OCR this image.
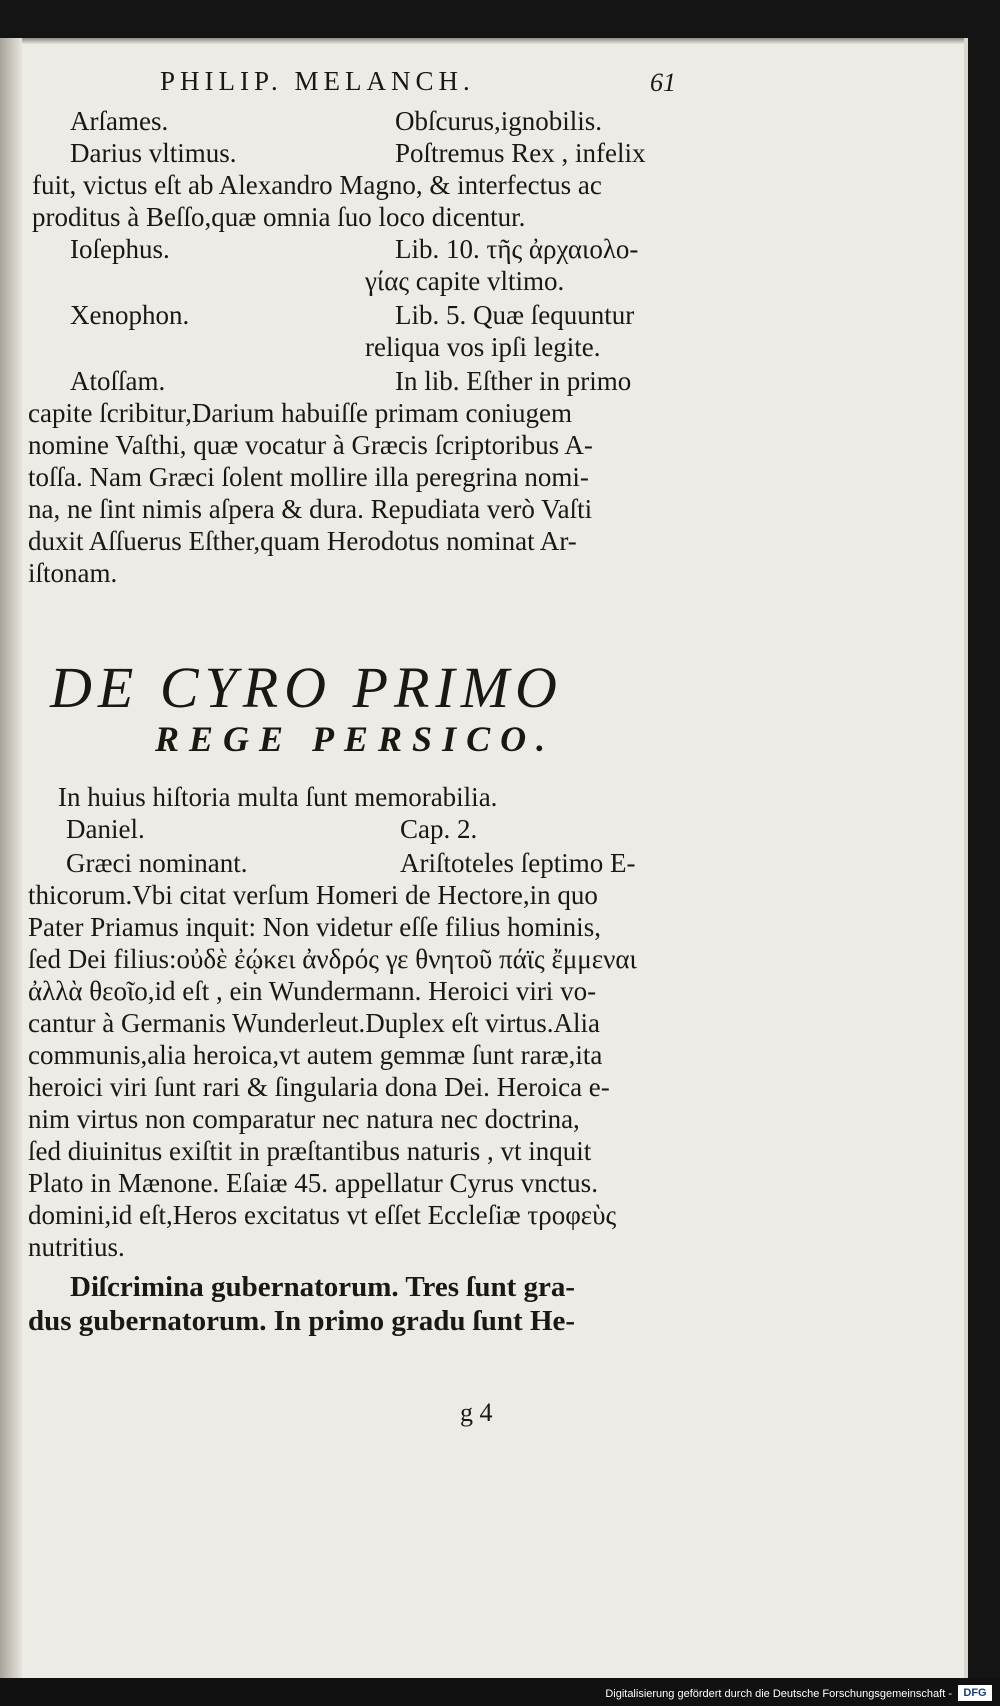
PHILIP. MELANCH.	61
Arſames.	Obſcurus,ignobilis.
Darius vltimus.	Poſtremus Rex , infelix
fuit, victus eſt ab Alexandro Magno, & interfectus ac
proditus à Beſſo,quæ omnia ſuo loco dicentur.
Ioſephus.	Lib. 10. τῆς ἀρχαιολο-
γίας capite vltimo.
Xenophon.	Lib. 5. Quæ ſequuntur
reliqua vos ipſi legite.
Atoſſam.	In lib. Eſther in primo
capite ſcribitur,Darium habuiſſe primam coniugem
nomine Vaſthi, quæ vocatur à Græcis ſcriptoribus A-
toſſa. Nam Græci ſolent mollire illa peregrina nomi-
na, ne ſint nimis aſpera & dura. Repudiata verò Vaſti
duxit Aſſuerus Eſther,quam Herodotus nominat Ar-
iſtonam.
DE CYRO PRIMO
REGE PERSICO.
In huius hiſtoria multa ſunt memorabilia.
Daniel.	Cap. 2.
Græci nominant.	Ariſtoteles ſeptimo E-
thicorum.Vbi citat verſum Homeri de Hectore,in quo
Pater Priamus inquit: Non videtur eſſe filius hominis,
ſed Dei filius:οὐδὲ ἐῴκει ἀνδρός γε θνητοῦ πάϊς ἔμμεναι
ἀλλὰ θεοῖο,id eſt , ein Wundermann. Heroici viri vo-
cantur à Germanis Wunderleut.Duplex eſt virtus.Alia
communis,alia heroica,vt autem gemmæ ſunt raræ,ita
heroici viri ſunt rari & ſingularia dona Dei. Heroica e-
nim virtus non comparatur nec natura nec doctrina,
ſed diuinitus exiſtit in præſtantibus naturis , vt inquit
Plato in Mænone. Eſaiæ 45. appellatur Cyrus vnctus.
domini,id eſt,Heros excitatus vt eſſet Eccleſiæ τροφεὺς
nutritius.
Diſcrimina gubernatorum. Tres ſunt gra-
dus gubernatorum. In primo gradu ſunt He-
g 4
Digitalisierung gefördert durch die Deutsche Forschungsgemeinschaft -	DFG
